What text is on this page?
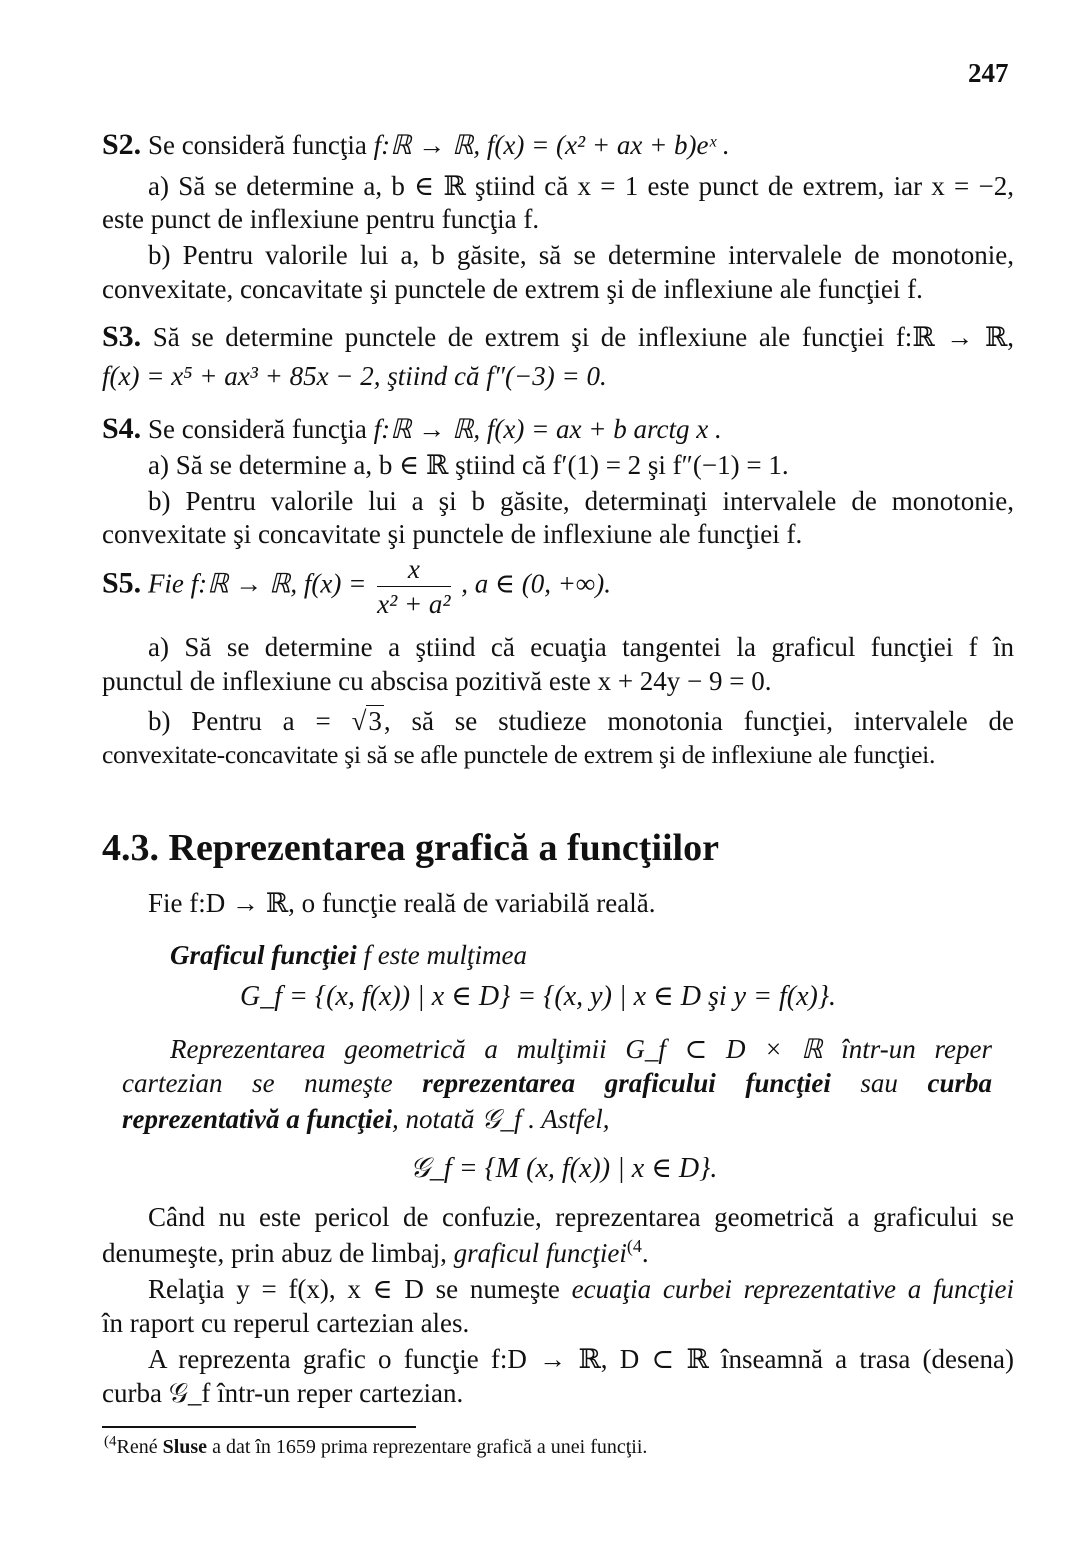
247
S2. Se consideră funcţia f:ℝ → ℝ, f(x) = (x² + ax + b)eˣ .
a) Să se determine a, b ∈ ℝ ştiind că x = 1 este punct de extrem, iar x = −2,
este punct de inflexiune pentru funcţia f.
b) Pentru valorile lui a, b găsite, să se determine intervalele de monotonie,
convexitate, concavitate şi punctele de extrem şi de inflexiune ale funcţiei f.
S3. Să se determine punctele de extrem şi de inflexiune ale funcţiei f:ℝ → ℝ,
f(x) = x⁵ + ax³ + 85x − 2, ştiind că f″(−3) = 0.
S4. Se consideră funcţia f:ℝ → ℝ, f(x) = ax + b arctg x .
a) Să se determine a, b ∈ ℝ ştiind că f′(1) = 2 şi f″(−1) = 1.
b) Pentru valorile lui a şi b găsite, determinaţi intervalele de monotonie,
convexitate şi concavitate şi punctele de inflexiune ale funcţiei f.
S5. Fie f:ℝ → ℝ, $f(x) = \frac{x}{\text{x² + a²}}$ , a ∈ (0, +∞).
a) Să se determine a ştiind că ecuaţia tangentei la graficul funcţiei f în
punctul de inflexiune cu abscisa pozitivă este x + 24y − 9 = 0.
b) Pentru a = √3, să se studieze monotonia funcţiei, intervalele de
convexitate-concavitate şi să se afle punctele de extrem şi de inflexiune ale funcţiei.
4.3. Reprezentarea grafică a funcţiilor
Fie f:D → ℝ, o funcţie reală de variabilă reală.
Graficul funcţiei f este mulţimea
G_f = {(x, f(x)) | x ∈ D} = {(x, y) | x ∈ D şi y = f(x)}.
Reprezentarea geometrică a mulţimii G_f ⊂ D × ℝ într-un reper
cartezian se numeşte reprezentarea graficului funcţiei sau curba
reprezentativă a funcţiei, notată 𝒢_f . Astfel,
𝒢_f = {M (x, f(x)) | x ∈ D}.
Când nu este pericol de confuzie, reprezentarea geometrică a graficului se
denumeşte, prin abuz de limbaj, graficul funcţiei$^{(4}$.
Relaţia y = f(x), x ∈ D se numeşte ecuaţia curbei reprezentative a funcţiei
în raport cu reperul cartezian ales.
A reprezenta grafic o funcţie f:D → ℝ, D ⊂ ℝ înseamnă a trasa (desena)
curba 𝒢_f într-un reper cartezian.
$^{(4}$René Sluse a dat în 1659 prima reprezentare grafică a unei funcţii.
